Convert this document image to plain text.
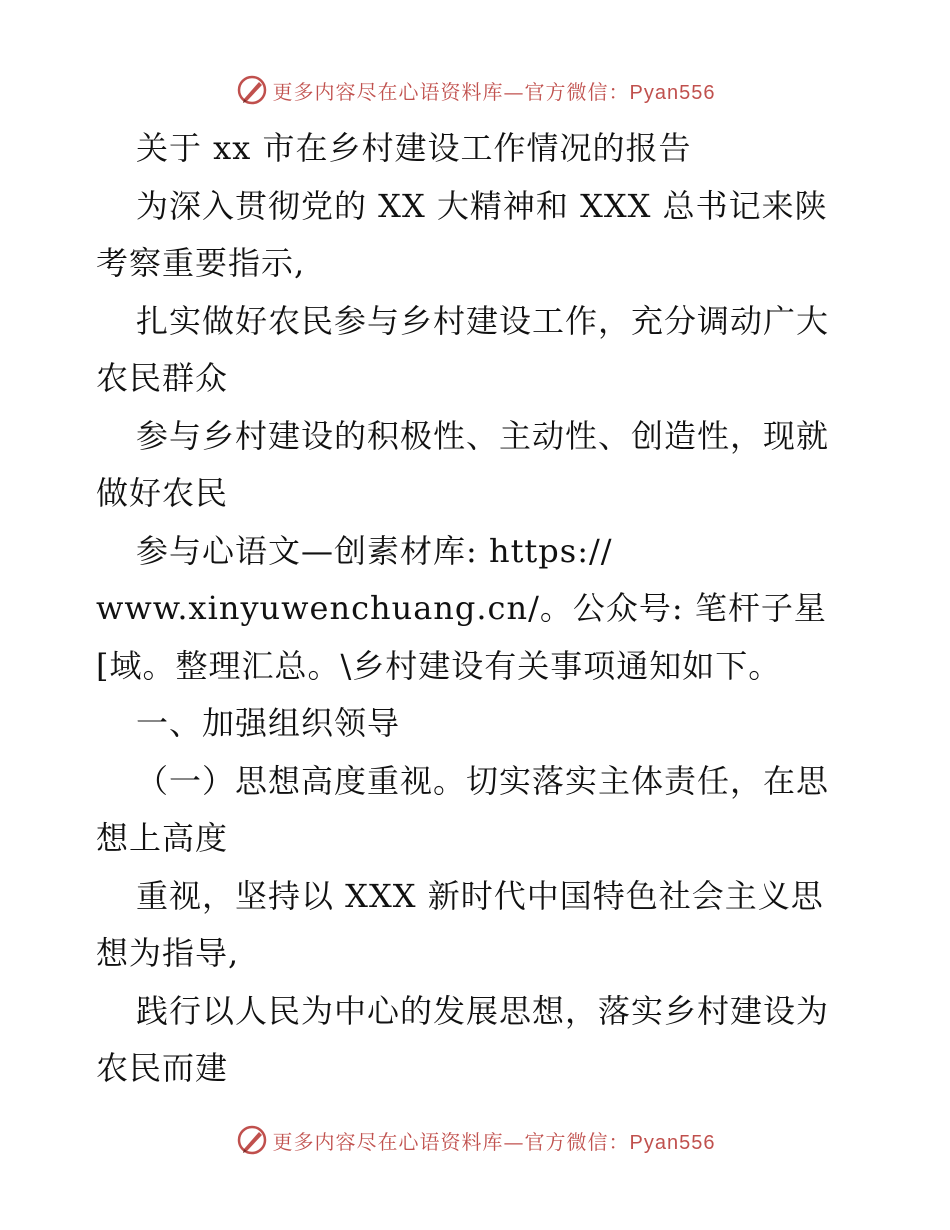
更多内容尽在心语资料库—官方微信：Pyan556
关于 xx 市在乡村建设工作情况的报告
为深入贯彻党的 XX 大精神和 XXX 总书记来陕
考察重要指示,
扎实做好农民参与乡村建设工作，充分调动广大
农民群众
参与乡村建设的积极性、主动性、创造性，现就
做好农民
参与心语文—创素材库: https://
www.xinyuwenchuang.cn/。公众号: 笔杆子星
[域。整理汇总。\乡村建设有关事项通知如下。
一、加强组织领导
（一）思想高度重视。切实落实主体责任，在思
想上高度
重视，坚持以 XXX 新时代中国特色社会主义思
想为指导,
践行以人民为中心的发展思想，落实乡村建设为
农民而建
更多内容尽在心语资料库—官方微信：Pyan556
